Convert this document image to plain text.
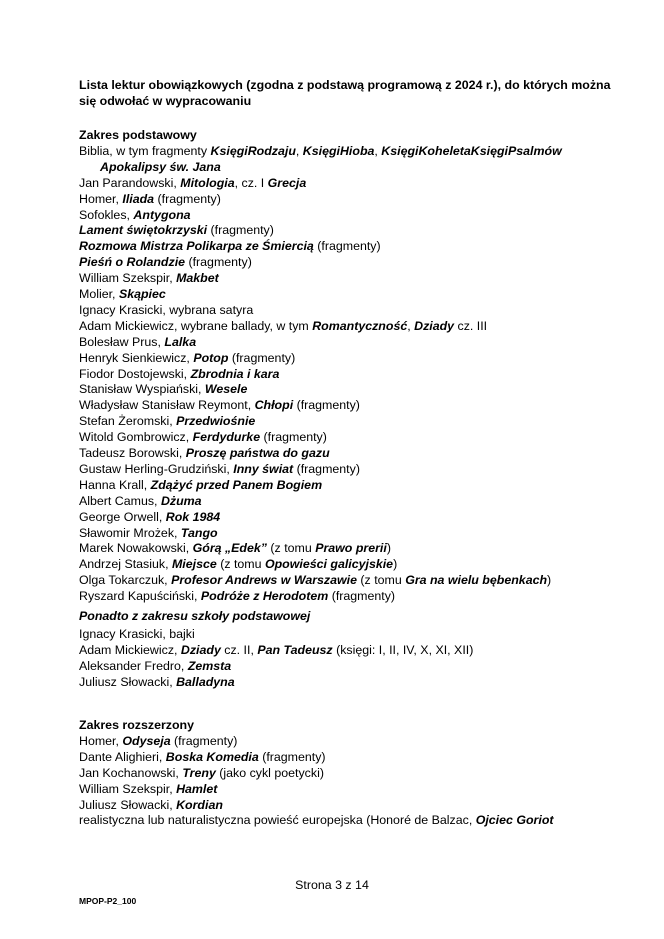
Lista lektur obowiązkowych (zgodna z podstawą programową z 2024 r.), do których można się odwołać w wypracowaniu
Zakres podstawowy
Biblia, w tym fragmenty KsięgiRodzaju, KsięgiHioba, KsięgiKoheletaKsięgiPsalmów
Apokalipsy św. Jana
Jan Parandowski, Mitologia, cz. I Grecja
Homer, Iliada (fragmenty)
Sofokles, Antygona
Lament świętokrzyski (fragmenty)
Rozmowa Mistrza Polikarpa ze Śmiercią (fragmenty)
Pieśń o Rolandzie (fragmenty)
William Szekspir, Makbet
Molier, Skąpiec
Ignacy Krasicki, wybrana satyra
Adam Mickiewicz, wybrane ballady, w tym Romantyczność, Dziady cz. III
Bolesław Prus, Lalka
Henryk Sienkiewicz, Potop (fragmenty)
Fiodor Dostojewski, Zbrodnia i kara
Stanisław Wyspiański, Wesele
Władysław Stanisław Reymont, Chłopi (fragmenty)
Stefan Żeromski, Przedwiośnie
Witold Gombrowicz, Ferdydurke (fragmenty)
Tadeusz Borowski, Proszę państwa do gazu
Gustaw Herling-Grudziński, Inny świat (fragmenty)
Hanna Krall, Zdążyć przed Panem Bogiem
Albert Camus, Dżuma
George Orwell, Rok 1984
Sławomir Mrożek, Tango
Marek Nowakowski, Górą „Edek” (z tomu Prawo prerii)
Andrzej Stasiuk, Miejsce (z tomu Opowieści galicyjskie)
Olga Tokarczuk, Profesor Andrews w Warszawie (z tomu Gra na wielu bębenkach)
Ryszard Kapuściński, Podróże z Herodotem (fragmenty)
Ponadto z zakresu szkoły podstawowej
Ignacy Krasicki, bajki
Adam Mickiewicz, Dziady cz. II, Pan Tadeusz (księgi: I, II, IV, X, XI, XII)
Aleksander Fredro, Zemsta
Juliusz Słowacki, Balladyna
Zakres rozszerzony
Homer, Odyseja (fragmenty)
Dante Alighieri, Boska Komedia (fragmenty)
Jan Kochanowski, Treny (jako cykl poetycki)
William Szekspir, Hamlet
Juliusz Słowacki, Kordian
realistyczna lub naturalistyczna powieść europejska (Honoré de Balzac, Ojciec Goriot
Strona 3 z 14
MPOP-P2_100
